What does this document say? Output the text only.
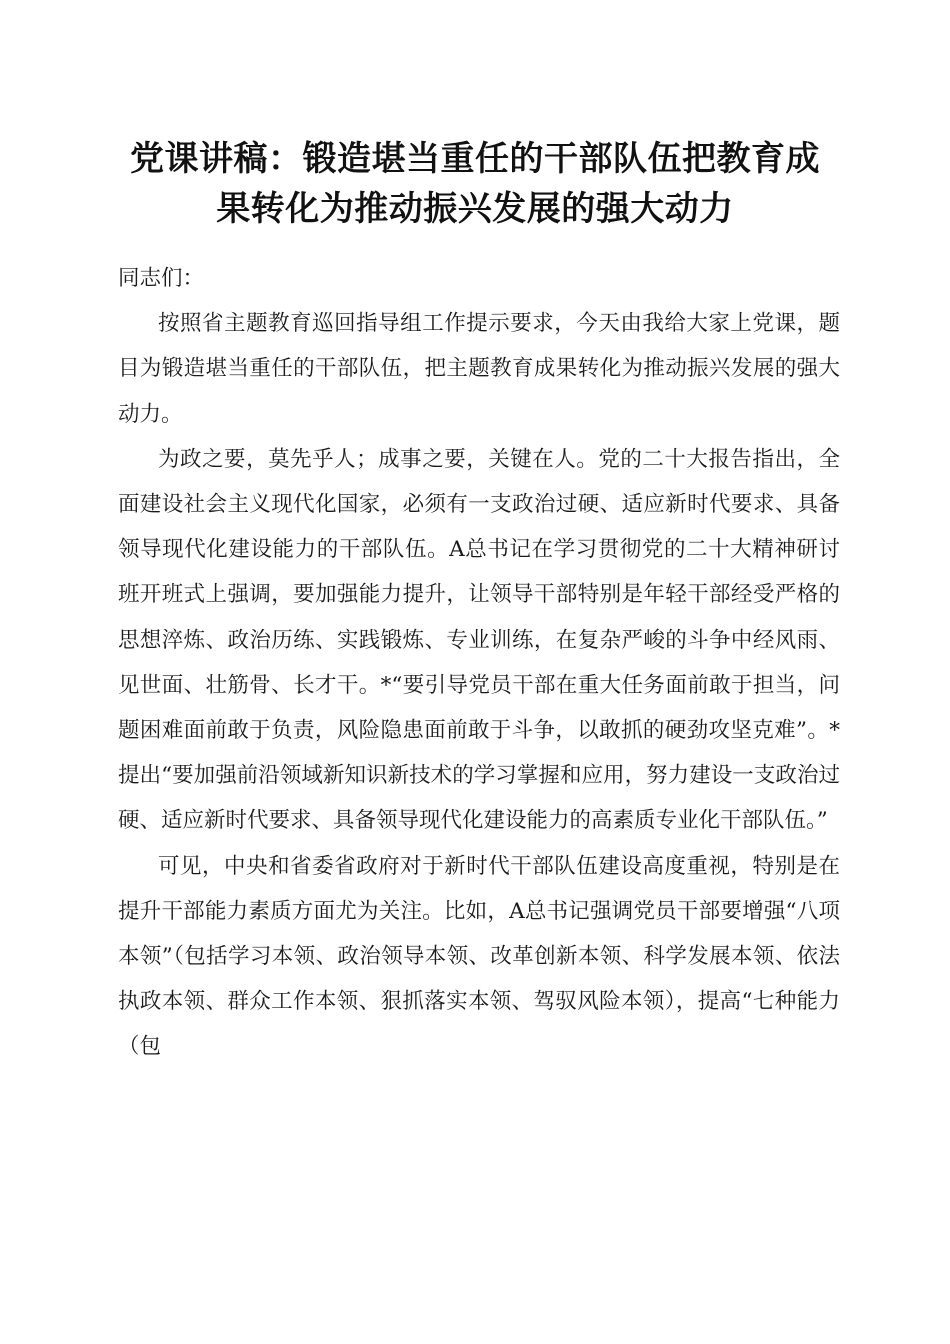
党课讲稿：锻造堪当重任的干部队伍把教育成
果转化为推动振兴发展的强大动力

同志们：

按照省主题教育巡回指导组工作提示要求，今天由我给大家上党课，题目为锻造堪当重任的干部队伍，把主题教育成果转化为推动振兴发展的强大动力。

为政之要，莫先乎人；成事之要，关键在人。党的二十大报告指出，全面建设社会主义现代化国家，必须有一支政治过硬、适应新时代要求、具备领导现代化建设能力的干部队伍。A总书记在学习贯彻党的二十大精神研讨班开班式上强调，要加强能力提升，让领导干部特别是年轻干部经受严格的思想淬炼、政治历练、实践锻炼、专业训练，在复杂严峻的斗争中经风雨、见世面、壮筋骨、长才干。*“要引导党员干部在重大任务面前敢于担当，问题困难面前敢于负责，风险隐患面前敢于斗争，以敢抓的硬劲攻坚克难”。*提出“要加强前沿领域新知识新技术的学习掌握和应用，努力建设一支政治过硬、适应新时代要求、具备领导现代化建设能力的高素质专业化干部队伍。”

可见，中央和省委省政府对于新时代干部队伍建设高度重视，特别是在提升干部能力素质方面尤为关注。比如，A总书记强调党员干部要增强“八项本领”（包括学习本领、政治领导本领、改革创新本领、科学发展本领、依法执政本领、群众工作本领、狠抓落实本领、驾驭风险本领），提高“七种能力（包
